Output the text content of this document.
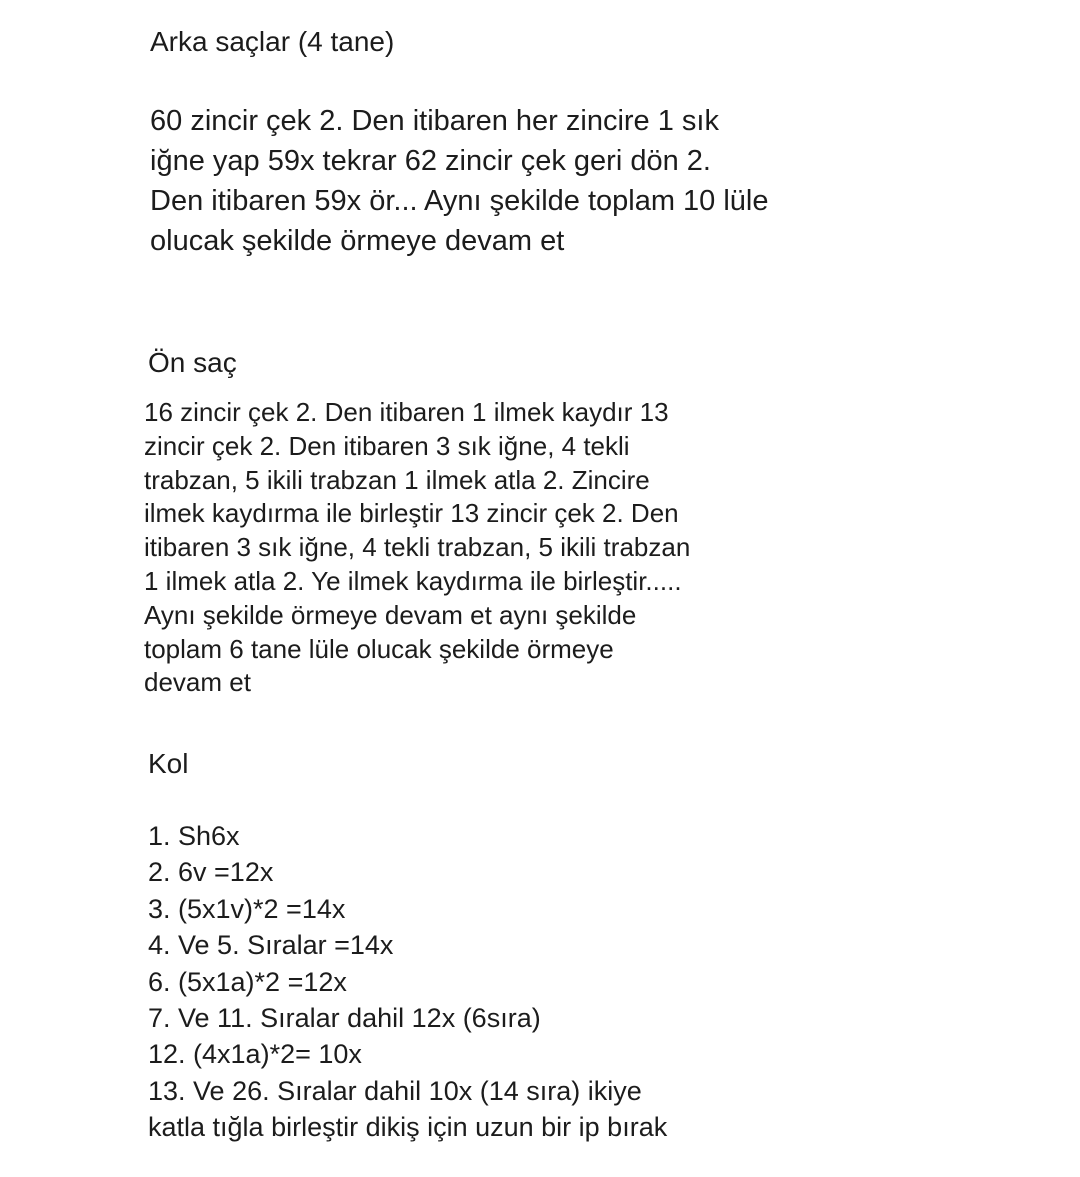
Arka saçlar (4 tane)
60 zincir çek 2. Den itibaren her zincire 1 sık
iğne yap 59x tekrar 62 zincir çek geri dön 2.
Den itibaren 59x ör... Aynı şekilde toplam 10 lüle
olucak şekilde örmeye devam et
Ön saç
16 zincir çek 2. Den itibaren 1 ilmek kaydır 13
zincir çek 2. Den itibaren 3 sık iğne, 4 tekli
trabzan, 5 ikili trabzan 1 ilmek atla 2. Zincire
ilmek kaydırma ile birleştir 13 zincir çek 2. Den
itibaren 3 sık iğne, 4 tekli trabzan, 5 ikili trabzan
1 ilmek atla 2. Ye ilmek kaydırma ile birleştir.....
Aynı şekilde örmeye devam et aynı şekilde
toplam 6 tane lüle olucak şekilde örmeye
devam et
Kol
1. Sh6x
2. 6v =12x
3. (5x1v)*2 =14x
4. Ve 5. Sıralar =14x
6. (5x1a)*2 =12x
7. Ve 11. Sıralar dahil 12x (6sıra)
12. (4x1a)*2= 10x
13. Ve 26. Sıralar dahil 10x (14 sıra) ikiye
katla tığla birleştir dikiş için uzun bir ip bırak
